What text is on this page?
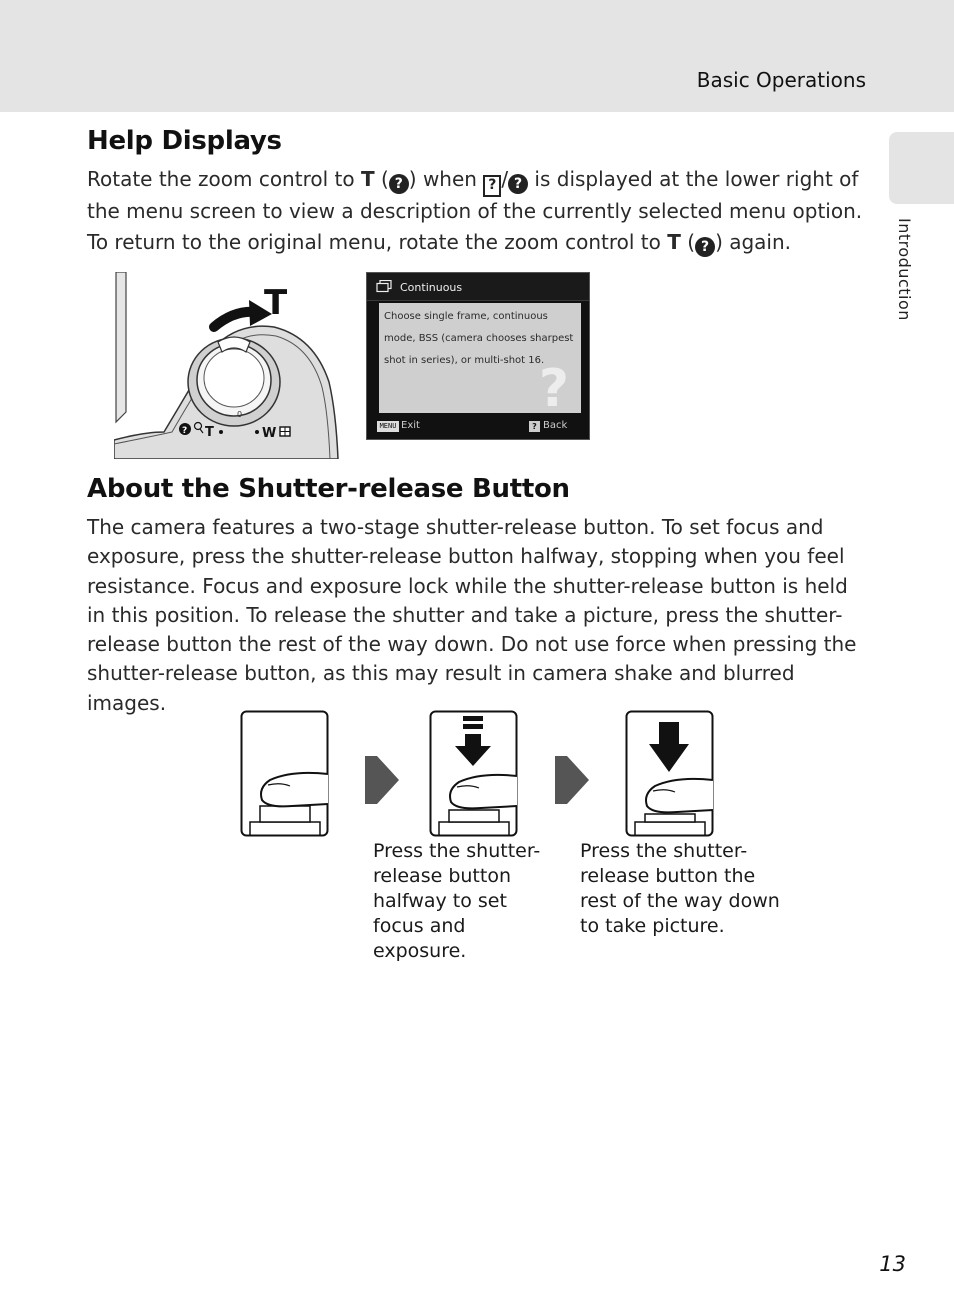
Basic Operations
Introduction
Help Displays
Rotate the zoom control to T ( ? ) when ? / ? is displayed at the lower right of the menu screen to view a description of the currently selected menu option.
To return to the original menu, rotate the zoom control to T ( ? ) again.
0
T
? T	W
Continuous
Choose single frame, continuous mode, BSS (camera chooses sharpest shot in series), or multi-shot 16.
?
MENU Exit	? Back
About the Shutter-release Button
The camera features a two-stage shutter-release button. To set focus and exposure, press the shutter-release button halfway, stopping when you feel resistance. Focus and exposure lock while the shutter-release button is held in this position. To release the shutter and take a picture, press the shutter-release button the rest of the way down. Do not use force when pressing the shutter-release button, as this may result in camera shake and blurred images.
Press the shutter-release button halfway to set focus and exposure.
Press the shutter-release button the rest of the way down to take picture.
13
